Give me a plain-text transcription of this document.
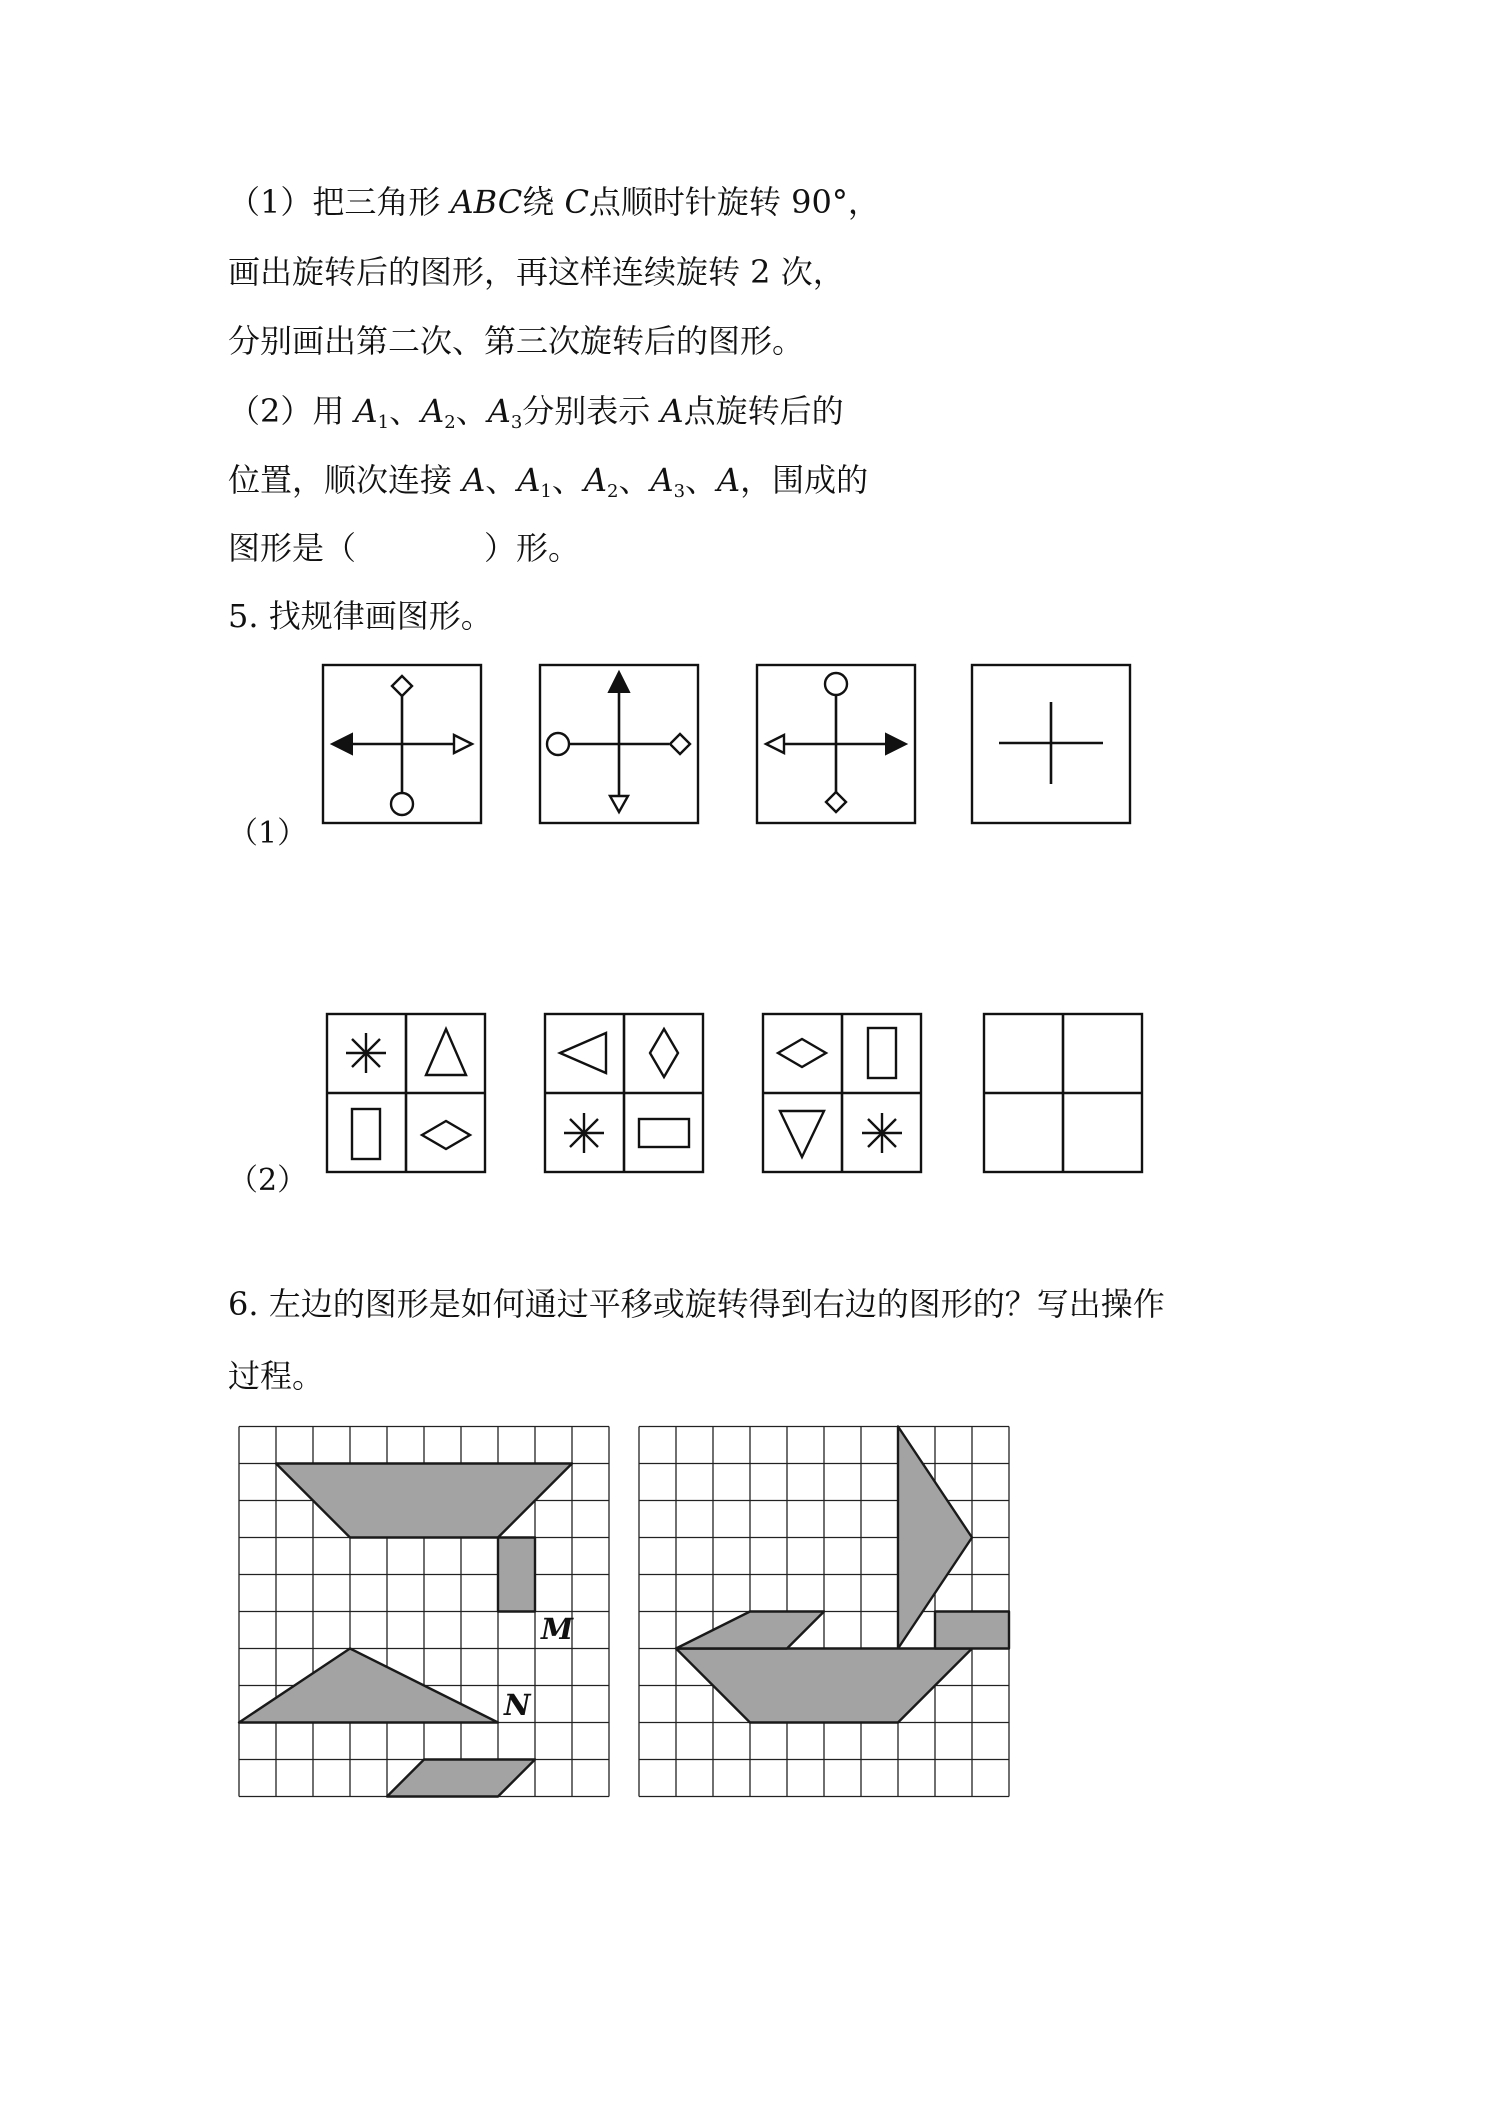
（1）把三角形 ABC绕 C点顺时针旋转 90°，
画出旋转后的图形，再这样连续旋转 2 次，
分别画出第二次、第三次旋转后的图形。
（2）用 $A_1$、$A_2$、$A_3$分别表示 A点旋转后的
位置，顺次连接 A、$A_1$、$A_2$、$A_3$、A，围成的
图形是（　　　　）形。
5. 找规律画图形。
（1）
（2）
6. 左边的图形是如何通过平移或旋转得到右边的图形的？写出操作
过程。
M
N
